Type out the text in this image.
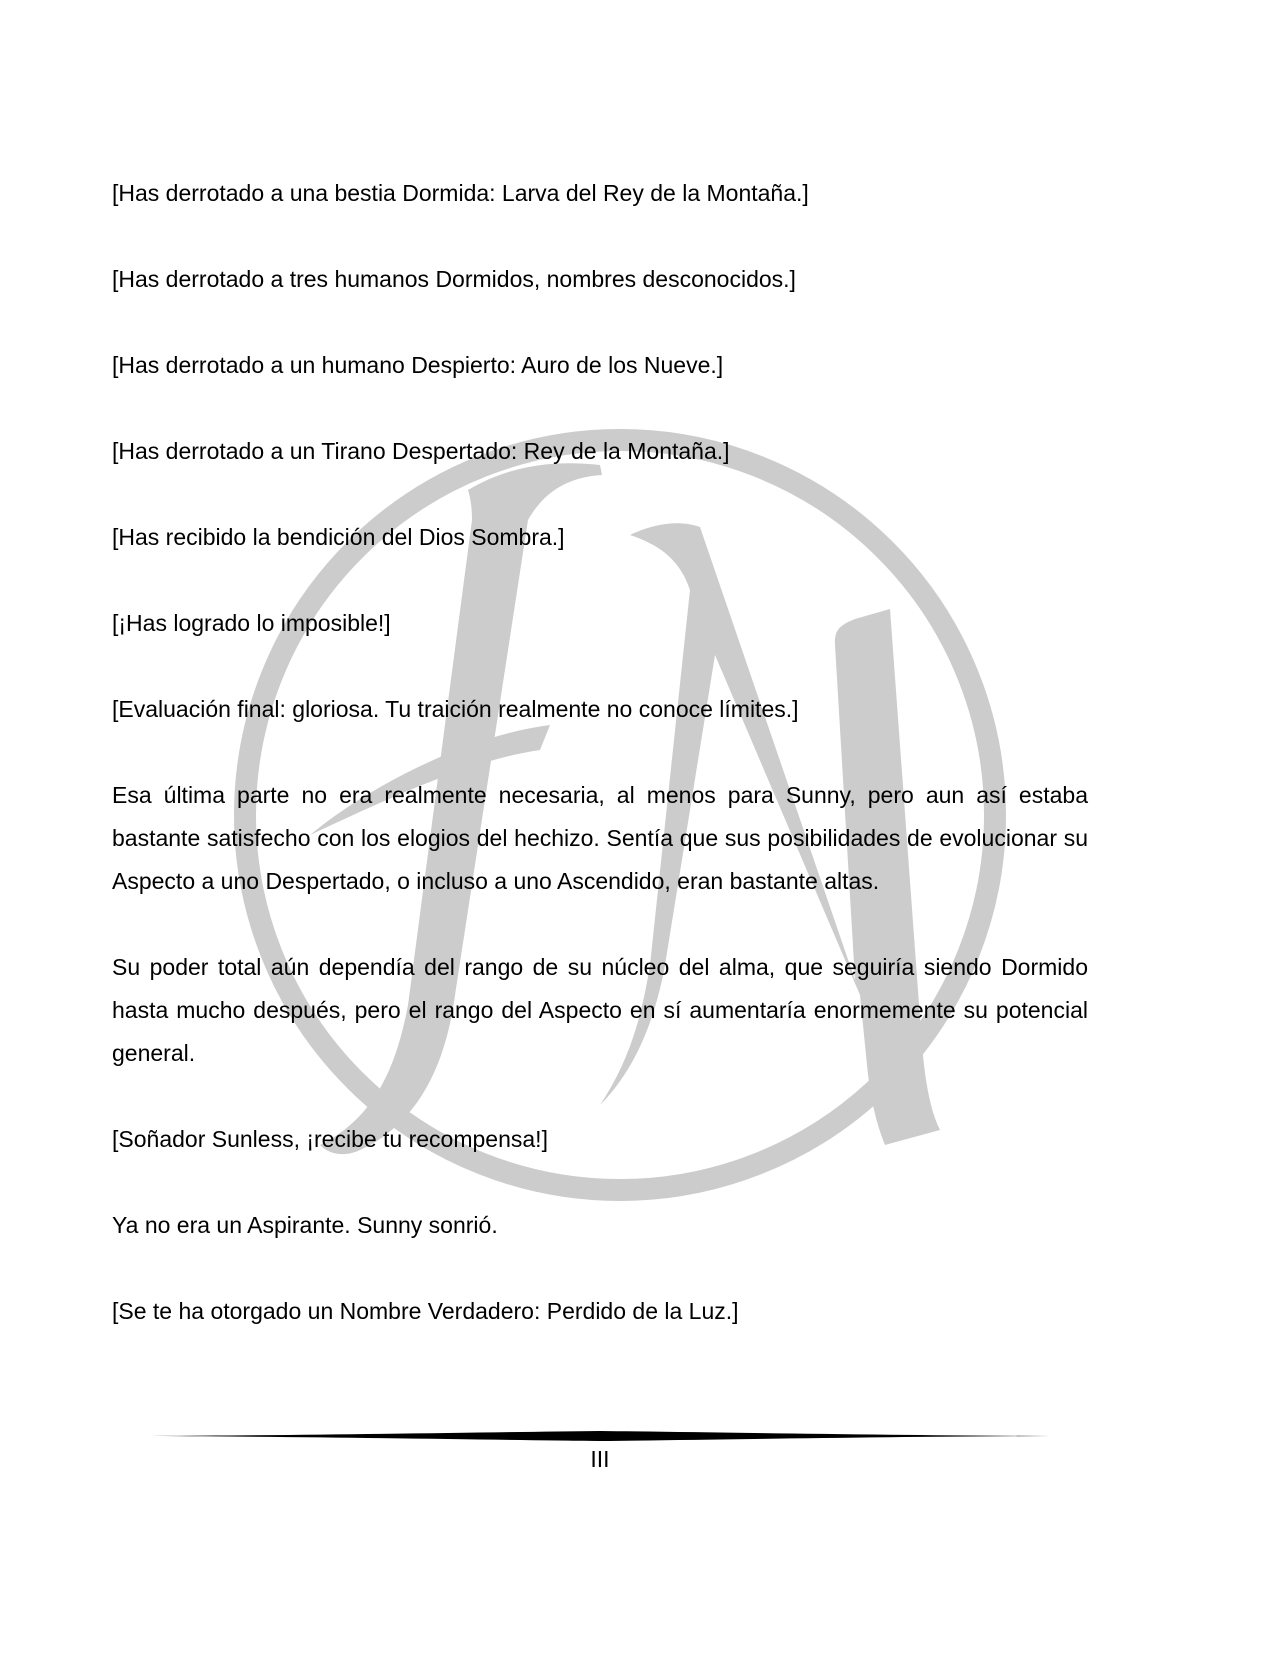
[Has derrotado a una bestia Dormida: Larva del Rey de la Montaña.]

[Has derrotado a tres humanos Dormidos, nombres desconocidos.]

[Has derrotado a un humano Despierto: Auro de los Nueve.]

[Has derrotado a un Tirano Despertado: Rey de la Montaña.]

[Has recibido la bendición del Dios Sombra.]

[¡Has logrado lo imposible!]

[Evaluación final: gloriosa. Tu traición realmente no conoce límites.]

Esa última parte no era realmente necesaria, al menos para Sunny, pero aun así estaba bastante satisfecho con los elogios del hechizo. Sentía que sus posibilidades de evolucionar su Aspecto a uno Despertado, o incluso a uno Ascendido, eran bastante altas.

Su poder total aún dependía del rango de su núcleo del alma, que seguiría siendo Dormido hasta mucho después, pero el rango del Aspecto en sí aumentaría enormemente su potencial general.

[Soñador Sunless, ¡recibe tu recompensa!]

Ya no era un Aspirante. Sunny sonrió.

[Se te ha otorgado un Nombre Verdadero: Perdido de la Luz.]

III
